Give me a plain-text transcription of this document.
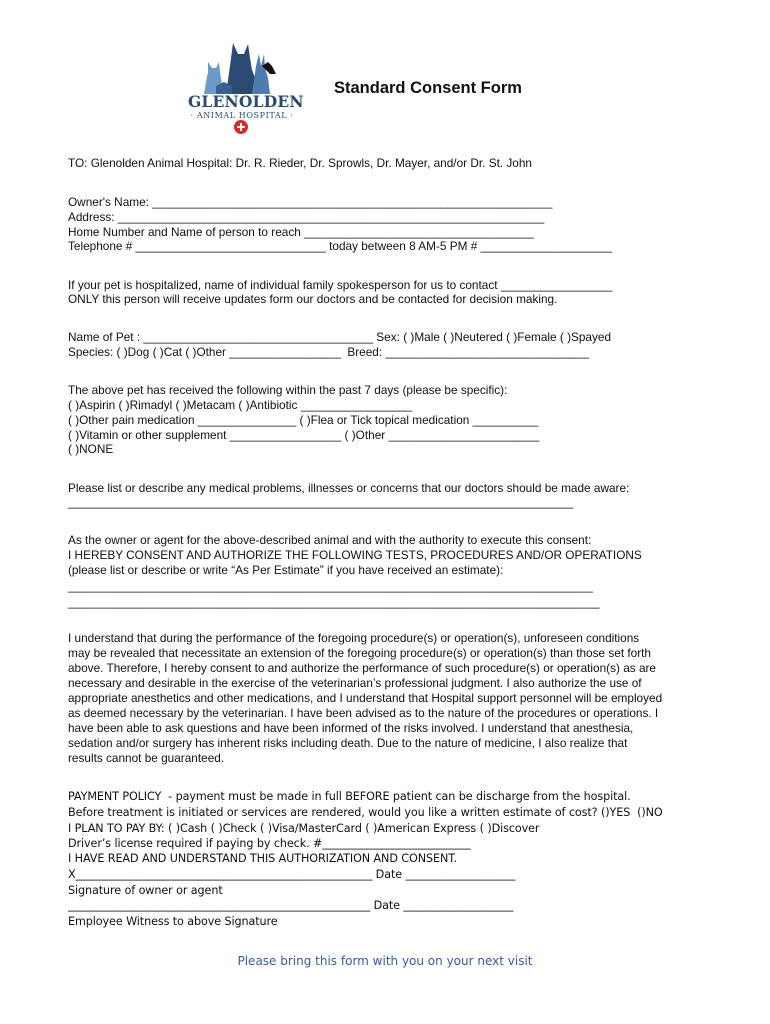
GLENOLDEN
· ANIMAL HOSPITAL ·
Standard Consent Form
TO: Glenolden Animal Hospital: Dr. R. Rieder, Dr. Sprowls, Dr. Mayer, and/or Dr. St. John
Owner's Name: _____________________________________________________________
Address: _________________________________________________________________
Home Number and Name of person to reach ___________________________________
Telephone # _____________________________ today between 8 AM-5 PM # ____________________
If your pet is hospitalized, name of individual family spokesperson for us to contact _________________
ONLY this person will receive updates form our doctors and be contacted for decision making.
Name of Pet : ___________________________________ Sex: ( )Male ( )Neutered ( )Female ( )Spayed
Species: ( )Dog ( )Cat ( )Other _________________  Breed: _______________________________
The above pet has received the following within the past 7 days (please be specific):
( )Aspirin ( )Rimadyl ( )Metacam ( )Antibiotic _________________
( )Other pain medication _______________ ( )Flea or Tick topical medication __________
( )Vitamin or other supplement _________________ ( )Other _______________________
( )NONE
Please list or describe any medical problems, illnesses or concerns that our doctors should be made aware:
_____________________________________________________________________________
As the owner or agent for the above-described animal and with the authority to execute this consent:
I HEREBY CONSENT AND AUTHORIZE THE FOLLOWING TESTS, PROCEDURES AND/OR OPERATIONS
(please list or describe or write “As Per Estimate” if you have received an estimate):
________________________________________________________________________________
_________________________________________________________________________________
I understand that during the performance of the foregoing procedure(s) or operation(s), unforeseen conditions
may be revealed that necessitate an extension of the foregoing procedure(s) or operation(s) than those set forth
above. Therefore, I hereby consent to and authorize the performance of such procedure(s) or operation(s) as are
necessary and desirable in the exercise of the veterinarian’s professional judgment. I also authorize the use of
appropriate anesthetics and other medications, and I understand that Hospital support personnel will be employed
as deemed necessary by the veterinarian. I have been advised as to the nature of the procedures or operations. I
have been able to ask questions and have been informed of the risks involved. I understand that anesthesia,
sedation and/or surgery has inherent risks including death. Due to the nature of medicine, I also realize that
results cannot be guaranteed.
PAYMENT POLICY  - payment must be made in full BEFORE patient can be discharge from the hospital.
Before treatment is initiated or services are rendered, would you like a written estimate of cost? ()YES  ()NO
I PLAN TO PAY BY: ( )Cash ( )Check ( )Visa/MasterCard ( )American Express ( )Discover
Driver’s license required if paying by check. #___________________________
I HAVE READ AND UNDERSTAND THIS AUTHORIZATION AND CONSENT.
X______________________________________________________ Date ____________________
Signature of owner or agent
_______________________________________________________ Date ____________________
Employee Witness to above Signature
Please bring this form with you on your next visit
